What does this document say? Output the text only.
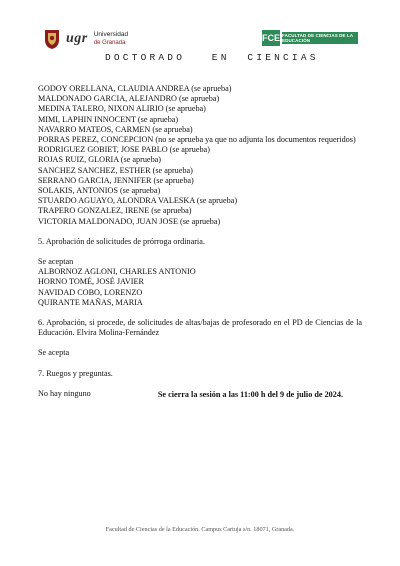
ugr Universidad
de Granada	FCE FACULTAD DE CIENCIAS DE LA EDUCACIÓN
DOCTORADO   EN  CIENCIAS
GODOY ORELLANA, CLAUDIA ANDREA (se aprueba)
MALDONADO GARCIA, ALEJANDRO (se aprueba)
MEDINA TALERO, NIXON ALIRIO (se aprueba)
MIMI, LAPHIN INNOCENT (se aprueba)
NAVARRO MATEOS, CARMEN (se aprueba)
PORRAS PEREZ, CONCEPCION (no se aprueba ya que no adjunta los documentos requeridos)
RODRIGUEZ GOBIET, JOSE PABLO (se aprueba)
ROJAS RUIZ, GLORIA (se aprueba)
SANCHEZ SANCHEZ, ESTHER (se aprueba)
SERRANO GARCIA, JENNIFER (se aprueba)
SOLAKIS, ANTONIOS (se aprueba)
STUARDO AGUAYO, ALONDRA VALESKA (se aprueba)
TRAPERO GONZALEZ, IRENE (se aprueba)
VICTORIA MALDONADO, JUAN JOSE (se aprueba)
5. Aprobación de solicitudes de prórroga ordinaria.
Se aceptan
ALBORNOZ AGLONI, CHARLES ANTONIO
HORNO TOMÉ, JOSÉ JAVIER
NAVIDAD COBO, LORENZO
QUIRANTE MAÑAS, MARIA
6. Aprobación, si procede, de solicitudes de altas/bajas de profesorado en el PD de Ciencias de la Educación. Elvira Molina-Fernández
Se acepta
7. Ruegos y preguntas.
No hay ninguno	Se cierra la sesión a las 11:00 h del 9 de julio de 2024.
Facultad de Ciencias de la Educación. Campus Cartuja s/n. 18071, Granada.
